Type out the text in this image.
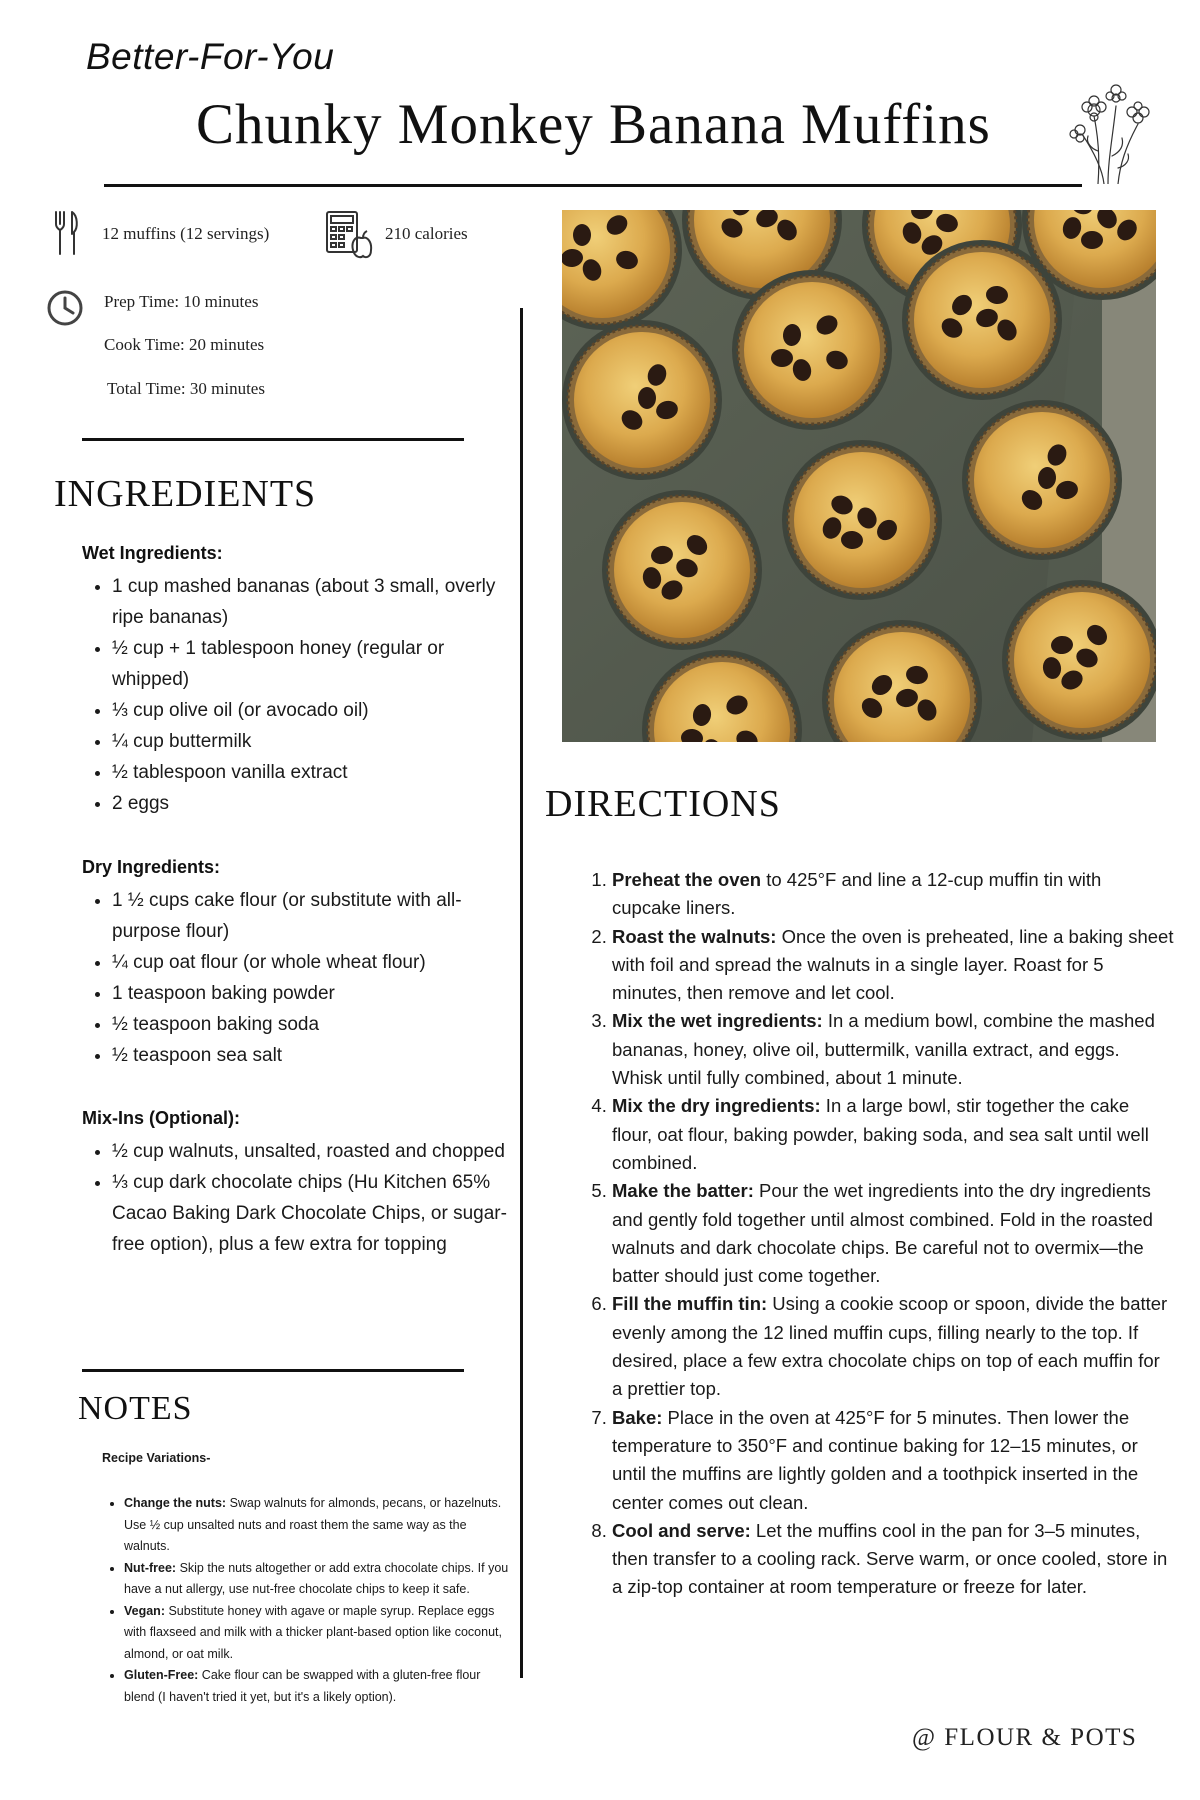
Better-For-You
Chunky Monkey Banana Muffins
12 muffins (12 servings)	210 calories
Prep Time: 10 minutes
Cook Time: 20 minutes
Total Time: 30 minutes
INGREDIENTS
Wet Ingredients:
• 1 cup mashed bananas (about 3 small, overly ripe bananas)
• ½ cup + 1 tablespoon honey (regular or whipped)
• ⅓ cup olive oil (or avocado oil)
• ¼ cup buttermilk
• ½ tablespoon vanilla extract
• 2 eggs
Dry Ingredients:
• 1 ½ cups cake flour (or substitute with all-purpose flour)
• ¼ cup oat flour (or whole wheat flour)
• 1 teaspoon baking powder
• ½ teaspoon baking soda
• ½ teaspoon sea salt
Mix-Ins (Optional):
• ½ cup walnuts, unsalted, roasted and chopped
• ⅓ cup dark chocolate chips (Hu Kitchen 65% Cacao Baking Dark Chocolate Chips, or sugar-free option), plus a few extra for topping
NOTES
Recipe Variations-
• Change the nuts: Swap walnuts for almonds, pecans, or hazelnuts. Use ½ cup unsalted nuts and roast them the same way as the walnuts.
• Nut-free: Skip the nuts altogether or add extra chocolate chips. If you have a nut allergy, use nut-free chocolate chips to keep it safe.
• Vegan: Substitute honey with agave or maple syrup. Replace eggs with flaxseed and milk with a thicker plant-based option like coconut, almond, or oat milk.
• Gluten-Free: Cake flour can be swapped with a gluten-free flour blend (I haven't tried it yet, but it's a likely option).
DIRECTIONS
1. Preheat the oven to 425°F and line a 12-cup muffin tin with cupcake liners.
2. Roast the walnuts: Once the oven is preheated, line a baking sheet with foil and spread the walnuts in a single layer. Roast for 5 minutes, then remove and let cool.
3. Mix the wet ingredients: In a medium bowl, combine the mashed bananas, honey, olive oil, buttermilk, vanilla extract, and eggs. Whisk until fully combined, about 1 minute.
4. Mix the dry ingredients: In a large bowl, stir together the cake flour, oat flour, baking powder, baking soda, and sea salt until well combined.
5. Make the batter: Pour the wet ingredients into the dry ingredients and gently fold together until almost combined. Fold in the roasted walnuts and dark chocolate chips. Be careful not to overmix—the batter should just come together.
6. Fill the muffin tin: Using a cookie scoop or spoon, divide the batter evenly among the 12 lined muffin cups, filling nearly to the top. If desired, place a few extra chocolate chips on top of each muffin for a prettier top.
7. Bake: Place in the oven at 425°F for 5 minutes. Then lower the temperature to 350°F and continue baking for 12–15 minutes, or until the muffins are lightly golden and a toothpick inserted in the center comes out clean.
8. Cool and serve: Let the muffins cool in the pan for 3–5 minutes, then transfer to a cooling rack. Serve warm, or once cooled, store in a zip-top container at room temperature or freeze for later.
@ FLOUR & POTS
